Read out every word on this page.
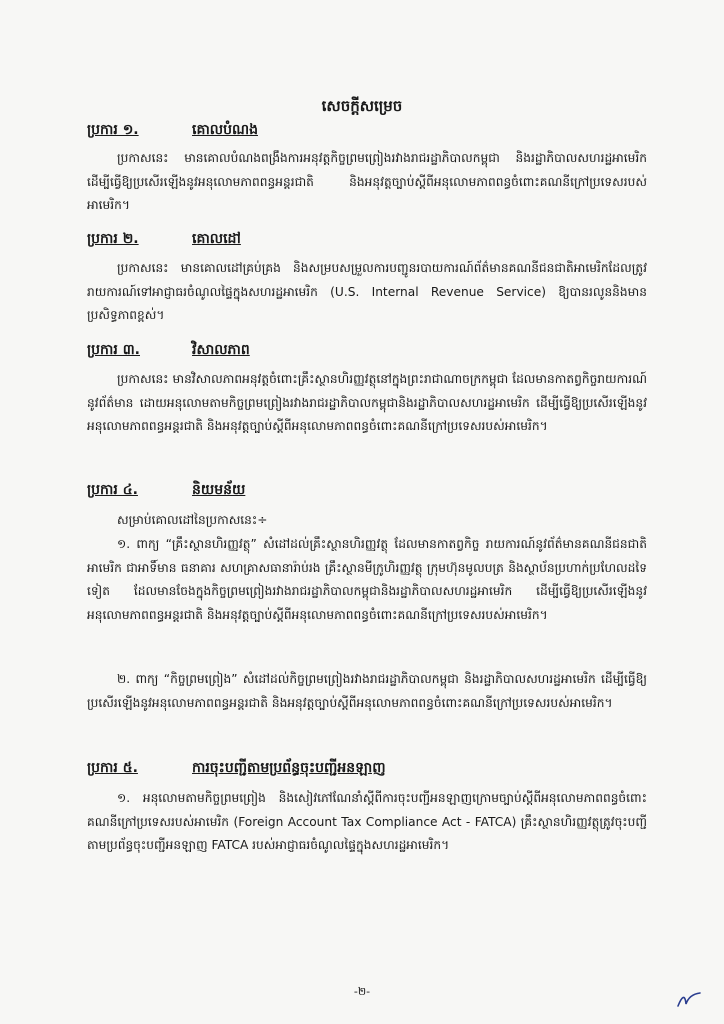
សេចក្ដីសម្រេច
ប្រការ ១.	គោលបំណង
ប្រកាសនេះ មានគោលបំណងពង្រឹងការអនុវត្តកិច្ចព្រមព្រៀងរវាងរាជរដ្ឋាភិបាលកម្ពុជា និងរដ្ឋាភិបាលសហរដ្ឋអាមេរិក ដើម្បីធ្វើឱ្យប្រសើរឡើងនូវអនុលោមភាពពន្ធអន្តរជាតិ និងអនុវត្តច្បាប់ស្តីពីអនុលោមភាពពន្ធចំពោះគណនីក្រៅប្រទេសរបស់អាមេរិក។
ប្រការ ២.	គោលដៅ
ប្រកាសនេះ មានគោលដៅគ្រប់គ្រង និងសម្របសម្រួលការបញ្ជូនរបាយការណ៍ព័ត៌មានគណនីជនជាតិអាមេរិកដែលត្រូវរាយការណ៍ទៅអាជ្ញាធរចំណូលផ្ទៃក្នុងសហរដ្ឋអាមេរិក (U.S. Internal Revenue Service) ឱ្យបានរលូននិងមានប្រសិទ្ធភាពខ្ពស់។
ប្រការ ៣.	វិសាលភាព
ប្រកាសនេះ មានវិសាលភាពអនុវត្តចំពោះគ្រឹះស្ថានហិរញ្ញវត្ថុនៅក្នុងព្រះរាជាណាចក្រកម្ពុជា ដែលមានកាតព្វកិច្ចរាយការណ៍នូវព័ត៌មាន ដោយអនុលោមតាមកិច្ចព្រមព្រៀងរវាងរាជរដ្ឋាភិបាលកម្ពុជានិងរដ្ឋាភិបាលសហរដ្ឋអាមេរិក ដើម្បីធ្វើឱ្យប្រសើរឡើងនូវអនុលោមភាពពន្ធអន្តរជាតិ និងអនុវត្តច្បាប់ស្តីពីអនុលោមភាពពន្ធចំពោះគណនីក្រៅប្រទេសរបស់អាមេរិក។
ប្រការ ៤.	និយមន័យ
សម្រាប់គោលដៅនៃប្រកាសនេះ÷
១. ពាក្យ “គ្រឹះស្ថានហិរញ្ញវត្ថុ” សំដៅដល់គ្រឹះស្ថានហិរញ្ញវត្ថុ ដែលមានកាតព្វកិច្ច រាយការណ៍នូវព័ត៌មានគណនីជនជាតិអាមេរិក ជាអាទិ៍មាន ធនាគារ សហគ្រាសធានារ៉ាប់រង គ្រឹះស្ថានមីក្រូហិរញ្ញវត្ថុ ក្រុមហ៊ុនមូលបត្រ និងស្ថាប័នប្រហាក់ប្រហែលដទៃទៀត ដែលមានចែងក្នុងកិច្ចព្រមព្រៀងរវាងរាជរដ្ឋាភិបាលកម្ពុជានិងរដ្ឋាភិបាលសហរដ្ឋអាមេរិក ដើម្បីធ្វើឱ្យប្រសើរឡើងនូវអនុលោមភាពពន្ធអន្តរជាតិ និងអនុវត្តច្បាប់ស្តីពីអនុលោមភាពពន្ធចំពោះគណនីក្រៅប្រទេសរបស់អាមេរិក។
២. ពាក្យ “កិច្ចព្រមព្រៀង” សំដៅដល់កិច្ចព្រមព្រៀងរវាងរាជរដ្ឋាភិបាលកម្ពុជា និងរដ្ឋាភិបាលសហរដ្ឋអាមេរិក ដើម្បីធ្វើឱ្យប្រសើរឡើងនូវអនុលោមភាពពន្ធអន្តរជាតិ និងអនុវត្តច្បាប់ស្តីពីអនុលោមភាពពន្ធចំពោះគណនីក្រៅប្រទេសរបស់អាមេរិក។
ប្រការ ៥.	ការចុះបញ្ជីតាមប្រព័ន្ធចុះបញ្ជីអនឡាញ
១. អនុលោមតាមកិច្ចព្រមព្រៀង និងសៀវភៅណែនាំស្តីពីការចុះបញ្ជីអនឡាញក្រោមច្បាប់ស្តីពីអនុលោមភាពពន្ធចំពោះគណនីក្រៅប្រទេសរបស់អាមេរិក (Foreign Account Tax Compliance Act - FATCA) គ្រឹះស្ថានហិរញ្ញវត្ថុត្រូវចុះបញ្ជីតាមប្រព័ន្ធចុះបញ្ជីអនឡាញ FATCA របស់អាជ្ញាធរចំណូលផ្ទៃក្នុងសហរដ្ឋអាមេរិក។
-២-
